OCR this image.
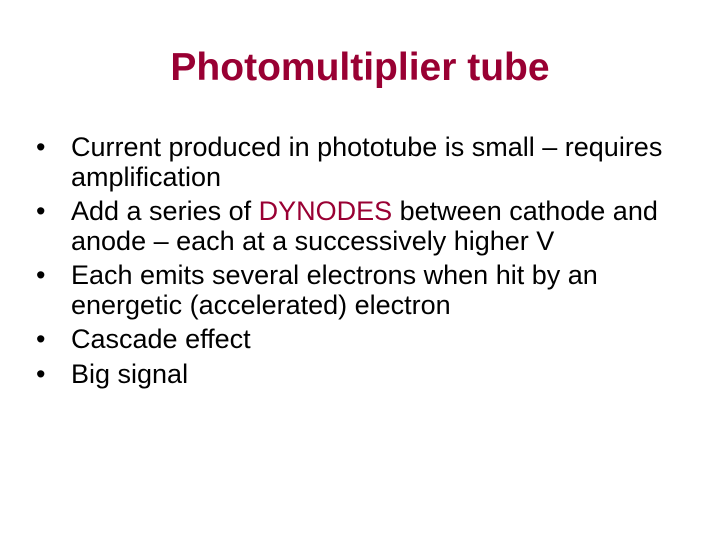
Photomultiplier tube
• Current produced in phototube is small – requires amplification
• Add a series of DYNODES between cathode and anode – each at a successively higher V
• Each emits several electrons when hit by an energetic (accelerated) electron
• Cascade effect
• Big signal
